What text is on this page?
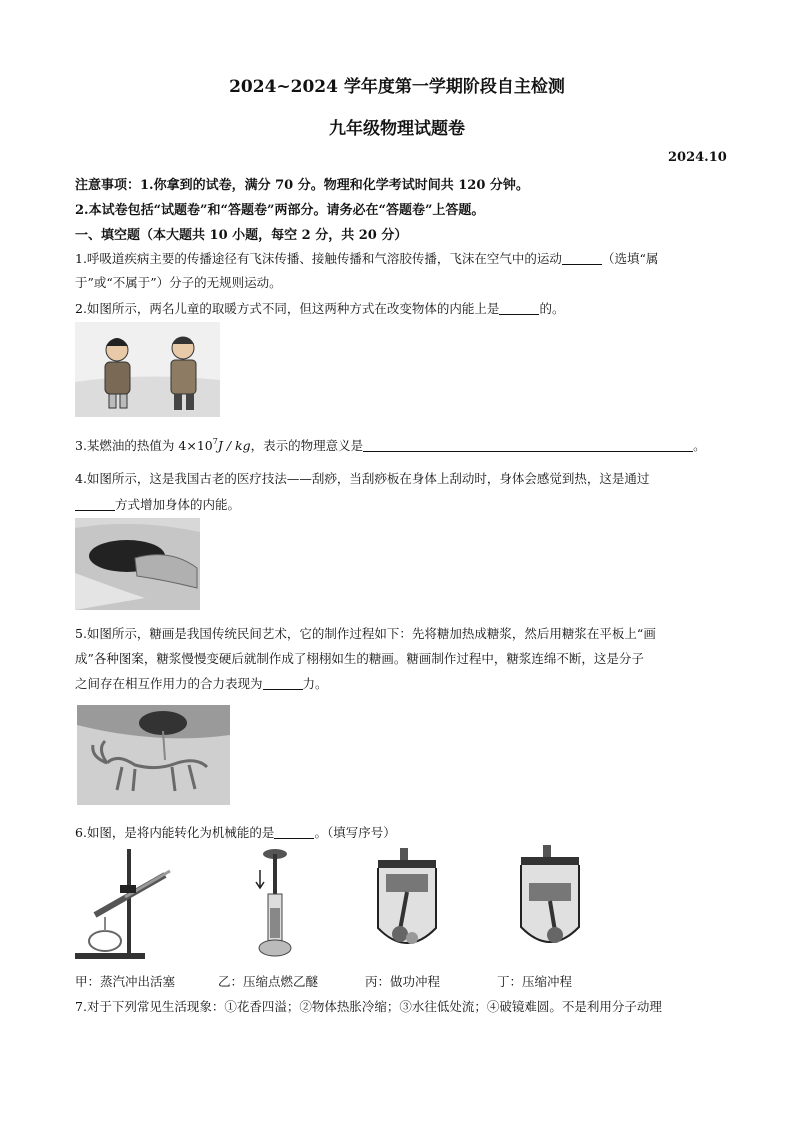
2024~2024 学年度第一学期阶段自主检测
九年级物理试题卷
2024.10
注意事项：1.你拿到的试卷，满分 70 分。物理和化学考试时间共 120 分钟。
2.本试卷包括“试题卷”和“答题卷”两部分。请务必在“答题卷”上答题。
一、填空题（本大题共 10 小题，每空 2 分，共 20 分）
1.呼吸道疾病主要的传播途径有飞沫传播、接触传播和气溶胶传播，飞沫在空气中的运动	（选填“属
于”或“不属于”）分子的无规则运动。
2.如图所示，两名儿童的取暖方式不同，但这两种方式在改变物体的内能上是	的。
3.某燃油的热值为 $4\times 10^7J$ / kg，表示的物理意义是	。
4.如图所示，这是我国古老的医疗技法——刮痧，当刮痧板在身体上刮动时，身体会感觉到热，这是通过
方式增加身体的内能。
5.如图所示，糖画是我国传统民间艺术，它的制作过程如下：先将糖加热成糖浆，然后用糖浆在平板上“画
成”各种图案，糖浆慢慢变硬后就制作成了栩栩如生的糖画。糖画制作过程中，糖浆连绵不断，这是分子
之间存在相互作用力的合力表现为	力。
6.如图，是将内能转化为机械能的是	。（填写序号）
甲：蒸汽冲出活塞	乙：压缩点燃乙醚	丙：做功冲程	丁：压缩冲程
7.对于下列常见生活现象：①花香四溢；②物体热胀冷缩；③水往低处流；④破镜难圆。不是利用分子动理
